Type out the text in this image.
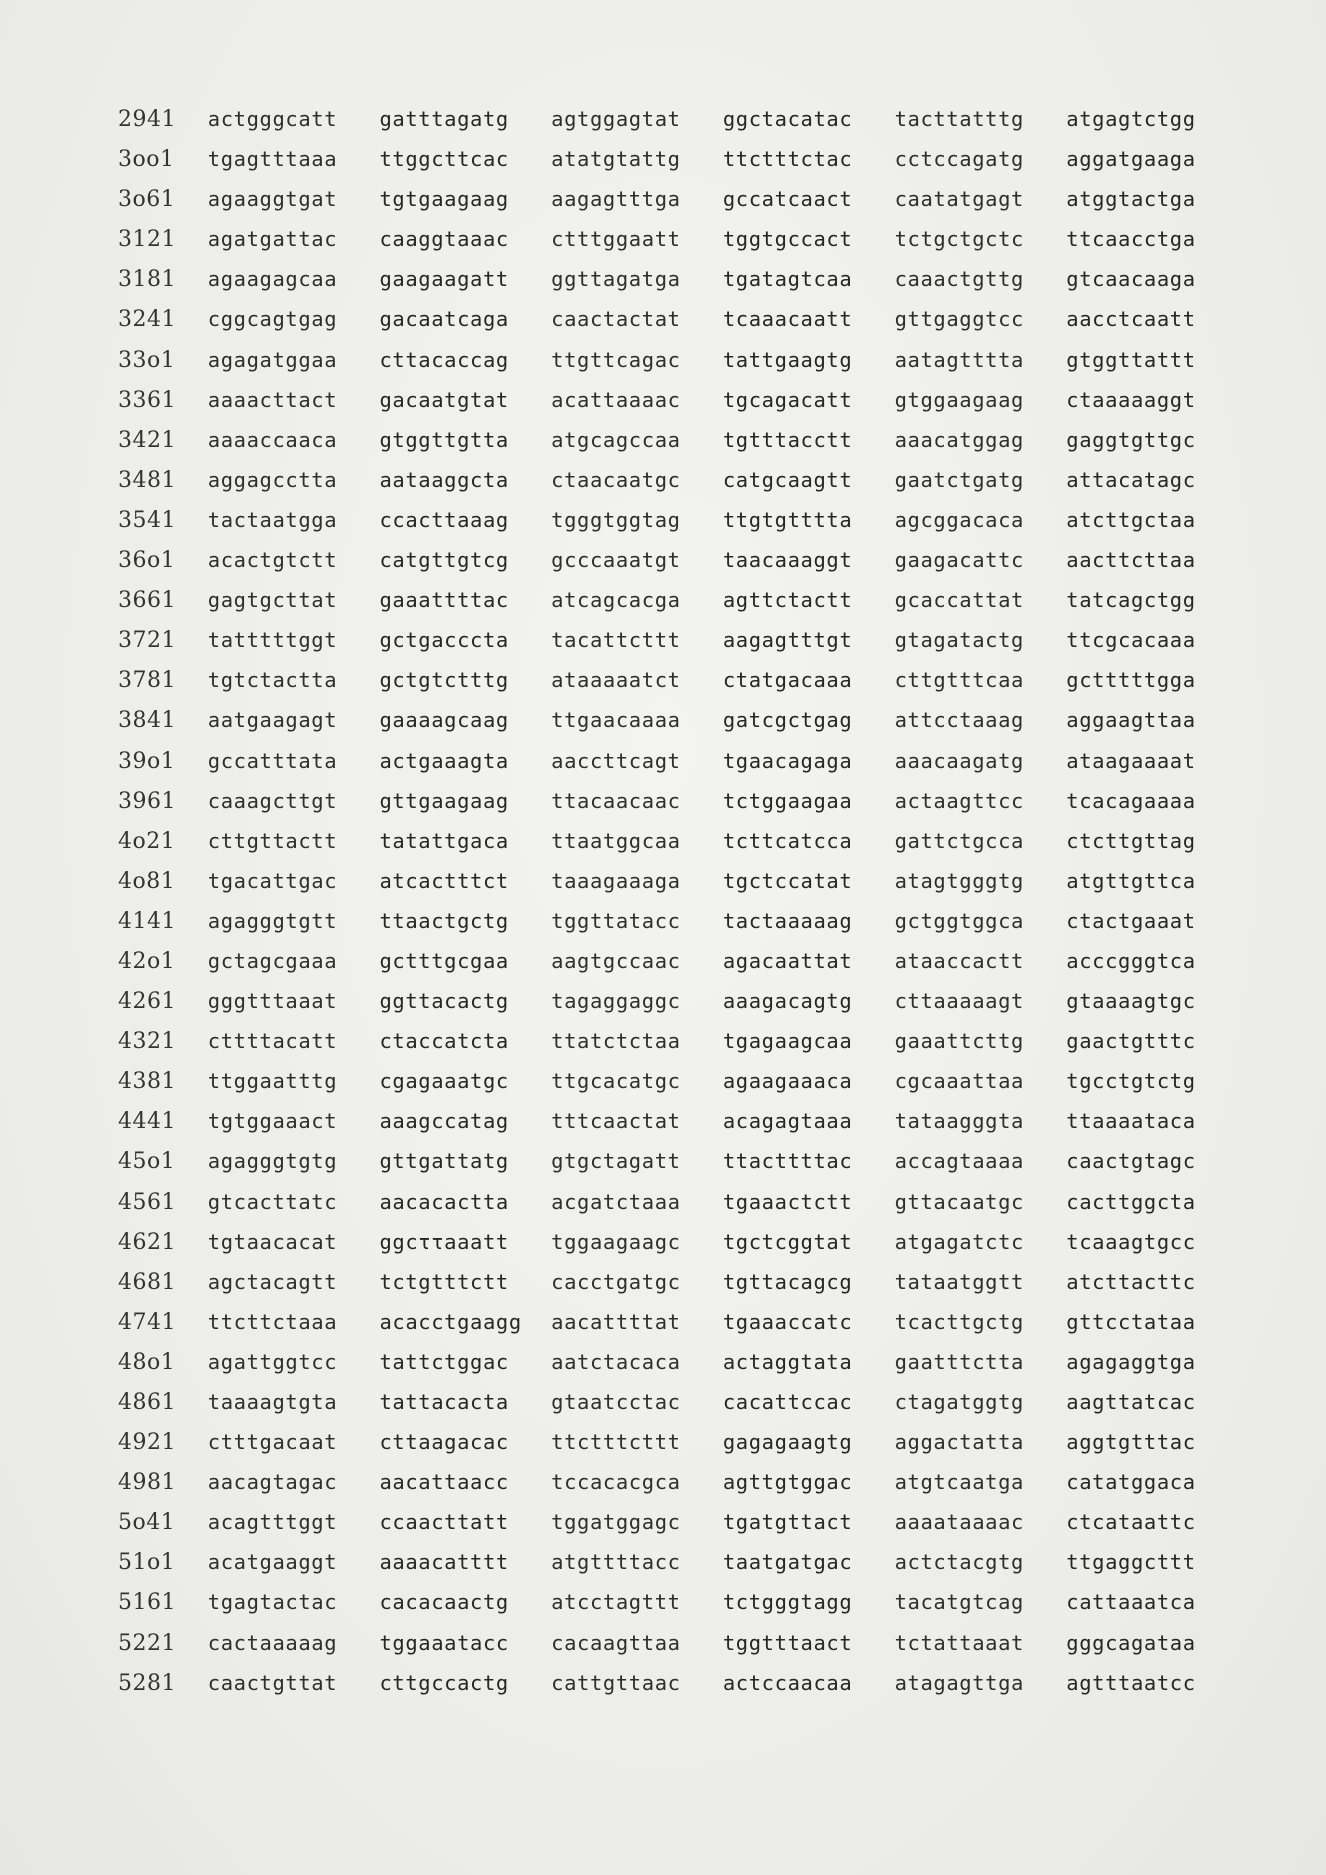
2941	actgggcatt	gatttagatg	agtggagtat	ggctacatac	tacttatttg	atgagtctgg
3oo1	tgagtttaaa	ttggcttcac	atatgtattg	ttctttctac	cctccagatg	aggatgaaga
3o61	agaaggtgat	tgtgaagaag	aagagtttga	gccatcaact	caatatgagt	atggtactga
3121	agatgattac	caaggtaaac	ctttggaatt	tggtgccact	tctgctgctc	ttcaacctga
3181	agaagagcaa	gaagaagatt	ggttagatga	tgatagtcaa	caaactgttg	gtcaacaaga
3241	cggcagtgag	gacaatcaga	caactactat	tcaaacaatt	gttgaggtcc	aacctcaatt
33o1	agagatggaa	cttacaccag	ttgttcagac	tattgaagtg	aatagtttta	gtggttattt
3361	aaaacttact	gacaatgtat	acattaaaac	tgcagacatt	gtggaagaag	ctaaaaaggt
3421	aaaaccaaca	gtggttgtta	atgcagccaa	tgtttacctt	aaacatggag	gaggtgttgc
3481	aggagcctta	aataaggcta	ctaacaatgc	catgcaagtt	gaatctgatg	attacatagc
3541	tactaatgga	ccacttaaag	tgggtggtag	ttgtgtttta	agcggacaca	atcttgctaa
36o1	acactgtctt	catgttgtcg	gcccaaatgt	taacaaaggt	gaagacattc	aacttcttaa
3661	gagtgcttat	gaaattttac	atcagcacga	agttctactt	gcaccattat	tatcagctgg
3721	tatttttggt	gctgacccta	tacattcttt	aagagtttgt	gtagatactg	ttcgcacaaa
3781	tgtctactta	gctgtctttg	ataaaaatct	ctatgacaaa	cttgtttcaa	gctttttgga
3841	aatgaagagt	gaaaagcaag	ttgaacaaaa	gatcgctgag	attcctaaag	aggaagttaa
39o1	gccatttata	actgaaagta	aaccttcagt	tgaacagaga	aaacaagatg	ataagaaaat
3961	caaagcttgt	gttgaagaag	ttacaacaac	tctggaagaa	actaagttcc	tcacagaaaa
4o21	cttgttactt	tatattgaca	ttaatggcaa	tcttcatcca	gattctgcca	ctcttgttag
4o81	tgacattgac	atcactttct	taaagaaaga	tgctccatat	atagtgggtg	atgttgttca
4141	agagggtgtt	ttaactgctg	tggttatacc	tactaaaaag	gctggtggca	ctactgaaat
42o1	gctagcgaaa	gctttgcgaa	aagtgccaac	agacaattat	ataaccactt	acccgggtca
4261	gggtttaaat	ggttacactg	tagaggaggc	aaagacagtg	cttaaaaagt	gtaaaagtgc
4321	cttttacatt	ctaccatcta	ttatctctaa	tgagaagcaa	gaaattcttg	gaactgtttc
4381	ttggaatttg	cgagaaatgc	ttgcacatgc	agaagaaaca	cgcaaattaa	tgcctgtctg
4441	tgtggaaact	aaagccatag	tttcaactat	acagagtaaa	tataagggta	ttaaaataca
45o1	agagggtgtg	gttgattatg	gtgctagatt	ttacttttac	accagtaaaa	caactgtagc
4561	gtcacttatc	aacacactta	acgatctaaa	tgaaactctt	gttacaatgc	cacttggcta
4621	tgtaacacat	ggcττaaatt	tggaagaagc	tgctcggtat	atgagatctc	tcaaagtgcc
4681	agctacagtt	tctgtttctt	cacctgatgc	tgttacagcg	tataatggtt	atcttacttc
4741	ttcttctaaa	acacctgaagg	aacattttat	tgaaaccatc	tcacttgctg	gttcctataa
48o1	agattggtcc	tattctggac	aatctacaca	actaggtata	gaatttctta	agagaggtga
4861	taaaagtgta	tattacacta	gtaatcctac	cacattccac	ctagatggtg	aagttatcac
4921	ctttgacaat	cttaagacac	ttctttcttt	gagagaagtg	aggactatta	aggtgtttac
4981	aacagtagac	aacattaacc	tccacacgca	agttgtggac	atgtcaatga	catatggaca
5o41	acagtttggt	ccaacttatt	tggatggagc	tgatgttact	aaaataaaac	ctcataattc
51o1	acatgaaggt	aaaacatttt	atgttttacc	taatgatgac	actctacgtg	ttgaggcttt
5161	tgagtactac	cacacaactg	atcctagttt	tctgggtagg	tacatgtcag	cattaaatca
5221	cactaaaaag	tggaaatacc	cacaagttaa	tggtttaact	tctattaaat	gggcagataa
5281	caactgttat	cttgccactg	cattgttaac	actccaacaa	atagagttga	agtttaatcc
